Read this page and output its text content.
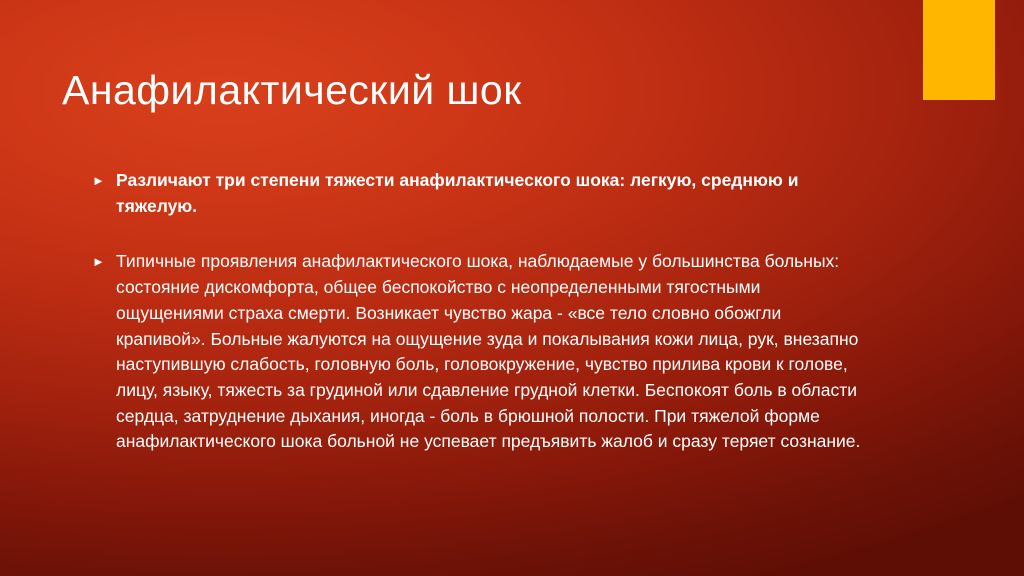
Анафилактический шок
► Различают три степени тяжести анафилактического шока: легкую, среднюю и тяжелую.
► Типичные проявления анафилактического шока, наблюдаемые у большинства больных: состояние дискомфорта, общее беспокойство с неопределенными тягостными ощущениями страха смерти. Возникает чувство жара - «все тело словно обожгли крапивой». Больные жалуются на ощущение зуда и покалывания кожи лица, рук, внезапно наступившую слабость, головную боль, головокружение, чувство прилива крови к голове, лицу, языку, тяжесть за грудиной или сдавление грудной клетки. Беспокоят боль в области сердца, затруднение дыхания, иногда - боль в брюшной полости. При тяжелой форме анафилактического шока больной не успевает предъявить жалоб и сразу теряет сознание.
